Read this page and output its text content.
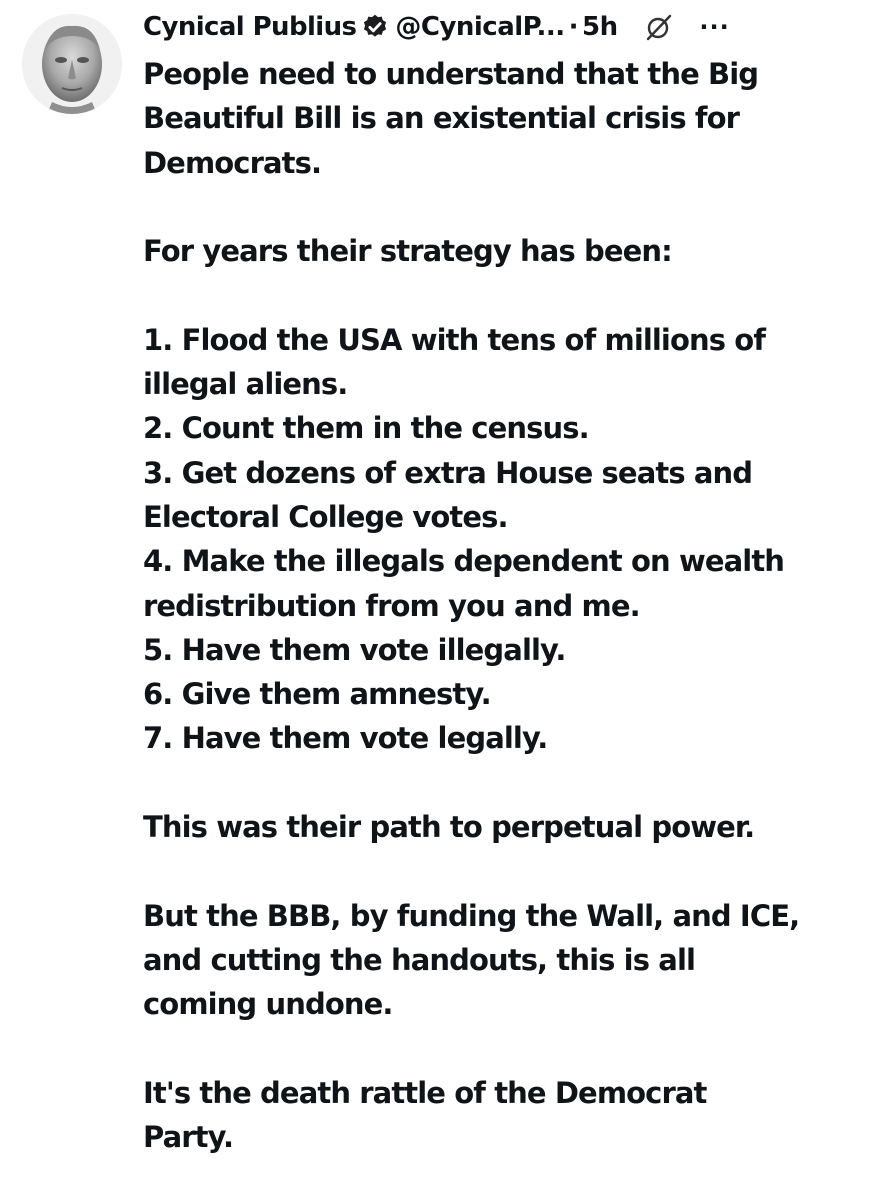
Cynical Publius @CynicalP... · 5h	···

People need to understand that the Big

Beautiful Bill is an existential crisis for

Democrats.

For years their strategy has been:

1. Flood the USA with tens of millions of

illegal aliens.

2. Count them in the census.

3. Get dozens of extra House seats and

Electoral College votes.

4. Make the illegals dependent on wealth

redistribution from you and me.

5. Have them vote illegally.

6. Give them amnesty.

7. Have them vote legally.

This was their path to perpetual power.

But the BBB, by funding the Wall, and ICE,

and cutting the handouts, this is all

coming undone.

It's the death rattle of the Democrat

Party.
